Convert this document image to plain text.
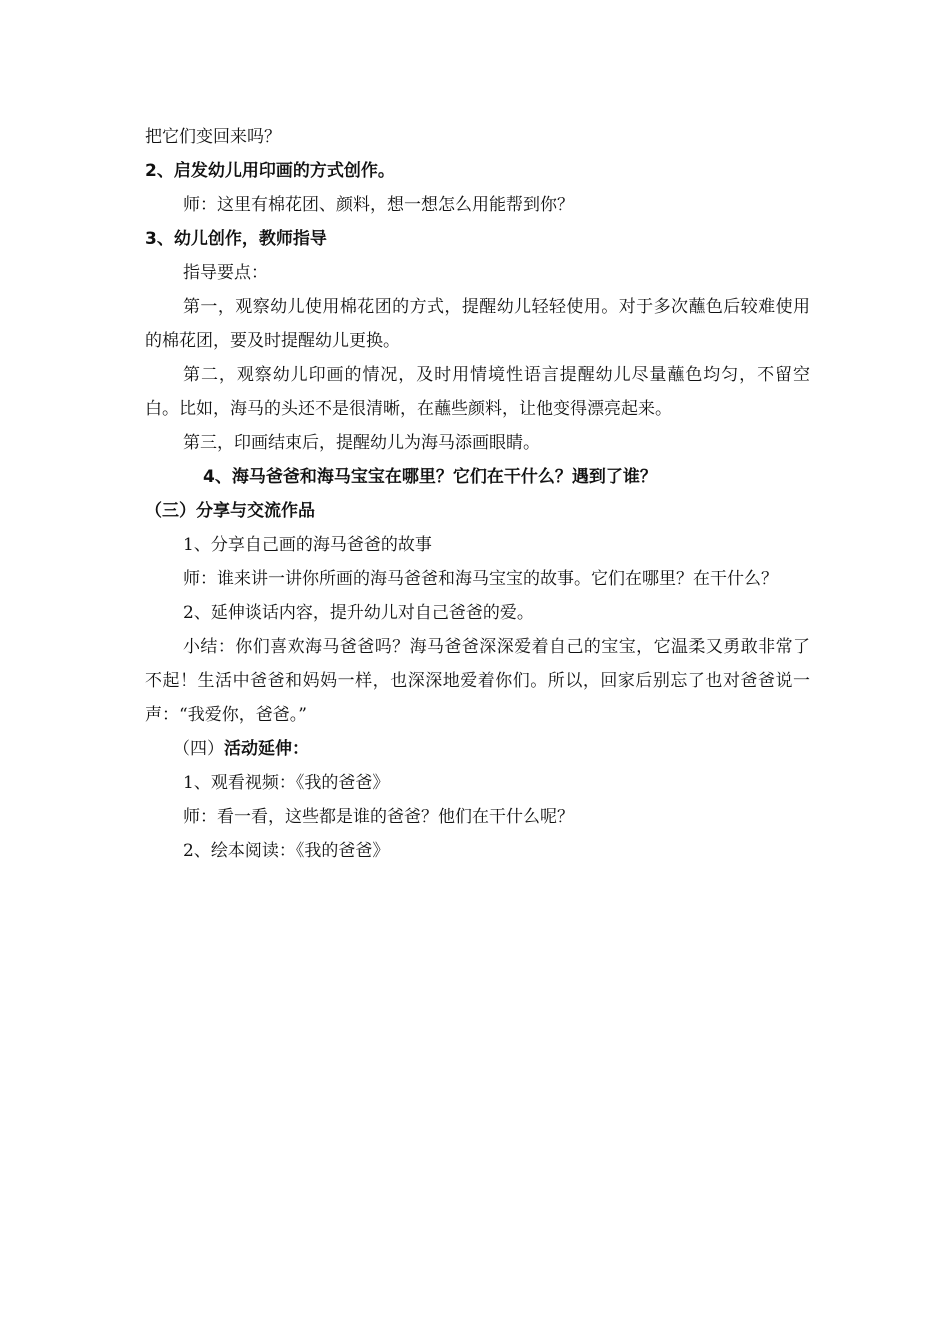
把它们变回来吗？
2、启发幼儿用印画的方式创作。
师：这里有棉花团、颜料，想一想怎么用能帮到你？
3、幼儿创作，教师指导
指导要点：

第一，观察幼儿使用棉花团的方式，提醒幼儿轻轻使用。对于多次蘸色后较难使用的棉花团，要及时提醒幼儿更换。

第二，观察幼儿印画的情况，及时用情境性语言提醒幼儿尽量蘸色均匀，不留空白。比如，海马的头还不是很清晰，在蘸些颜料，让他变得漂亮起来。

第三，印画结束后，提醒幼儿为海马添画眼睛。
4、海马爸爸和海马宝宝在哪里？它们在干什么？遇到了谁？
（三）分享与交流作品
1、分享自己画的海马爸爸的故事

师：谁来讲一讲你所画的海马爸爸和海马宝宝的故事。它们在哪里？在干什么？

2、延伸谈话内容，提升幼儿对自己爸爸的爱。

小结：你们喜欢海马爸爸吗？海马爸爸深深爱着自己的宝宝，它温柔又勇敢非常了不起！生活中爸爸和妈妈一样，也深深地爱着你们。所以，回家后别忘了也对爸爸说一声：“我爱你，爸爸。”

（四）活动延伸：
1、观看视频：《我的爸爸》
师：看一看，这些都是谁的爸爸？他们在干什么呢？
2、绘本阅读：《我的爸爸》
